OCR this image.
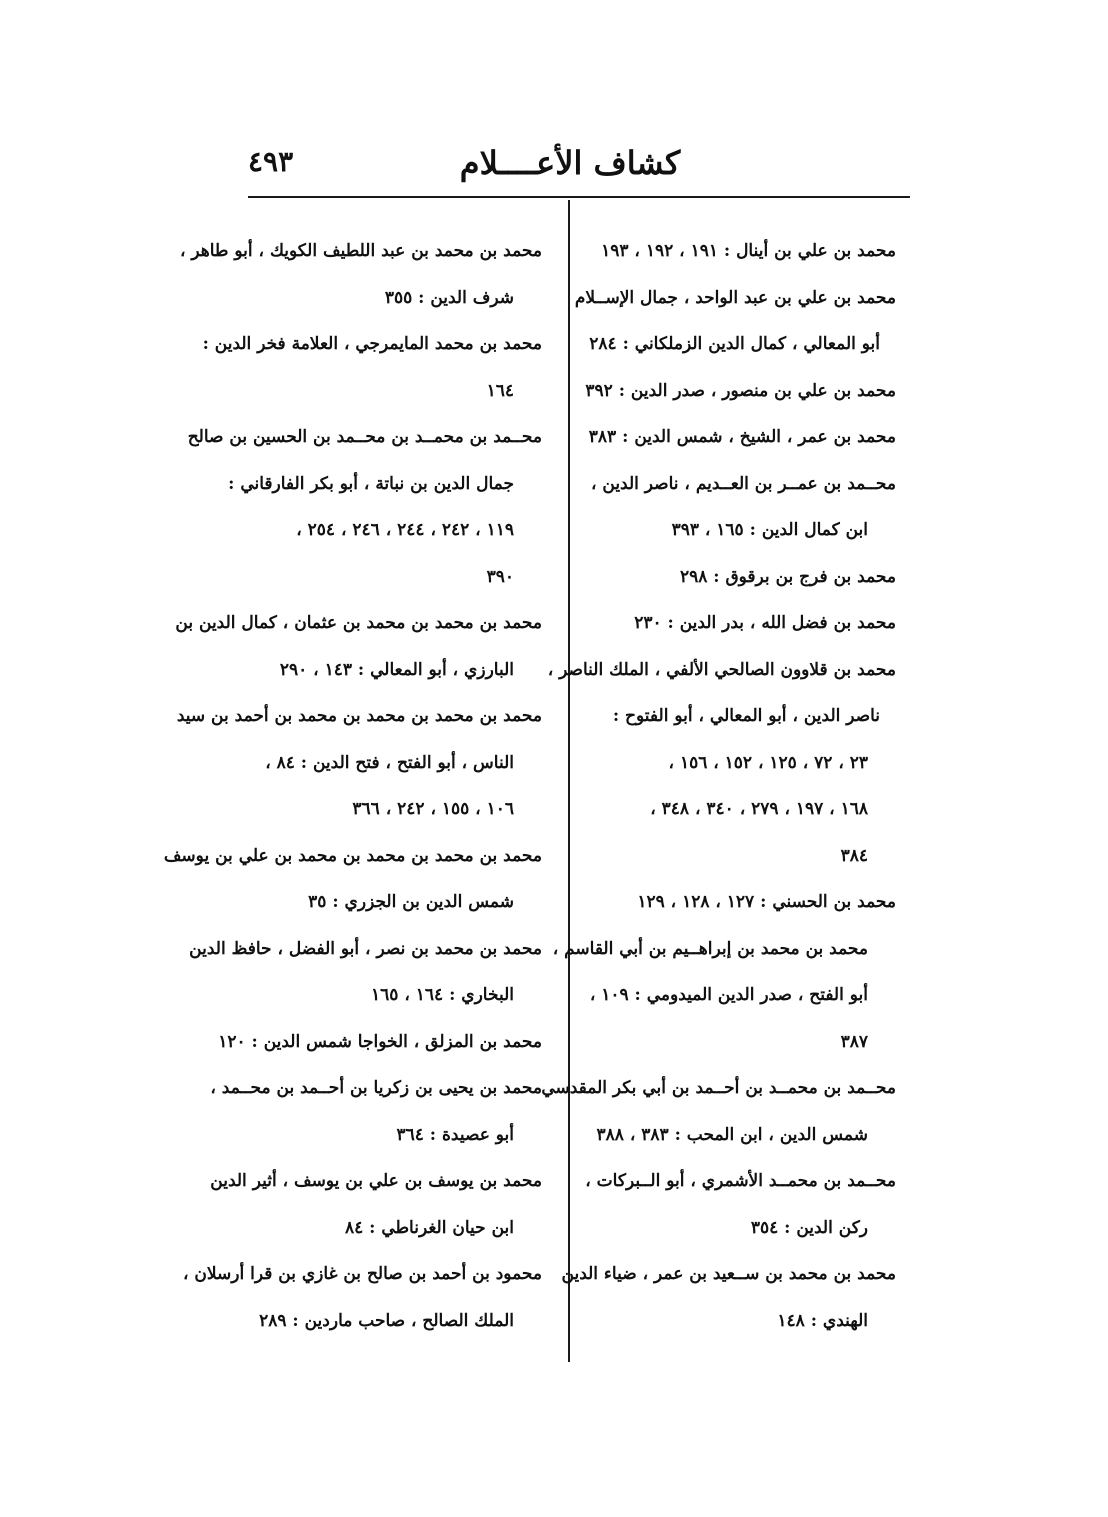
كشاف الأعــــلام
٤٩٣
محمد بن علي بن أينال : ١٩١ ، ١٩٢ ، ١٩٣
محمد بن علي بن عبد الواحد ، جمال الإســلام
أبو المعالي ، كمال الدين الزملكاني : ٢٨٤
محمد بن علي بن منصور ، صدر الدين : ٣٩٢
محمد بن عمر ، الشيخ ، شمس الدين : ٣٨٣
محــمد بن عمــر بن العــديم ، ناصر الدين ،
ابن كمال الدين : ١٦٥ ، ٣٩٣
محمد بن فرج بن برقوق : ٢٩٨
محمد بن فضل الله ، بدر الدين : ٢٣٠
محمد بن قلاوون الصالحي الألفي ، الملك الناصر ،
ناصر الدين ، أبو المعالي ، أبو الفتوح :
٢٣ ، ٧٢ ، ١٢٥ ، ١٥٢ ، ١٥٦ ،
١٦٨ ، ١٩٧ ، ٢٧٩ ، ٣٤٠ ، ٣٤٨ ،
٣٨٤
محمد بن الحسني : ١٢٧ ، ١٢٨ ، ١٢٩
محمد بن محمد بن إبراهــيم بن أبي القاسم ،
أبو الفتح ، صدر الدين الميدومي : ١٠٩ ،
٣٨٧
محــمد بن محمــد بن أحــمد بن أبي بكر المقدسي
شمس الدين ، ابن المحب : ٣٨٣ ، ٣٨٨
محــمد بن محمــد الأشمري ، أبو الــبركات ،
ركن الدين : ٣٥٤
محمد بن محمد بن ســعيد بن عمر ، ضياء الدين
الهندي : ١٤٨
محمد بن محمد بن عبد اللطيف الكويك ، أبو طاهر ،
شرف الدين : ٣٥٥
محمد بن محمد المايمرجي ، العلامة فخر الدين :
١٦٤
محــمد بن محمــد بن محــمد بن الحسين بن صالح
جمال الدين بن نباتة ، أبو بكر الفارقاني :
١١٩ ، ٢٤٢ ، ٢٤٤ ، ٢٤٦ ، ٢٥٤ ،
٣٩٠
محمد بن محمد بن محمد بن عثمان ، كمال الدين بن
البارزي ، أبو المعالي : ١٤٣ ، ٢٩٠
محمد بن محمد بن محمد بن محمد بن أحمد بن سيد
الناس ، أبو الفتح ، فتح الدين : ٨٤ ،
١٠٦ ، ١٥٥ ، ٢٤٢ ، ٣٦٦
محمد بن محمد بن محمد بن محمد بن علي بن يوسف
شمس الدين بن الجزري : ٣٥
محمد بن محمد بن نصر ، أبو الفضل ، حافظ الدين
البخاري : ١٦٤ ، ١٦٥
محمد بن المزلق ، الخواجا شمس الدين : ١٢٠
محمد بن يحيى بن زكريا بن أحــمد بن محــمد ،
أبو عصيدة : ٣٦٤
محمد بن يوسف بن علي بن يوسف ، أثير الدين
ابن حيان الغرناطي : ٨٤
محمود بن أحمد بن صالح بن غازي بن قرا أرسلان ،
الملك الصالح ، صاحب ماردين : ٢٨٩
